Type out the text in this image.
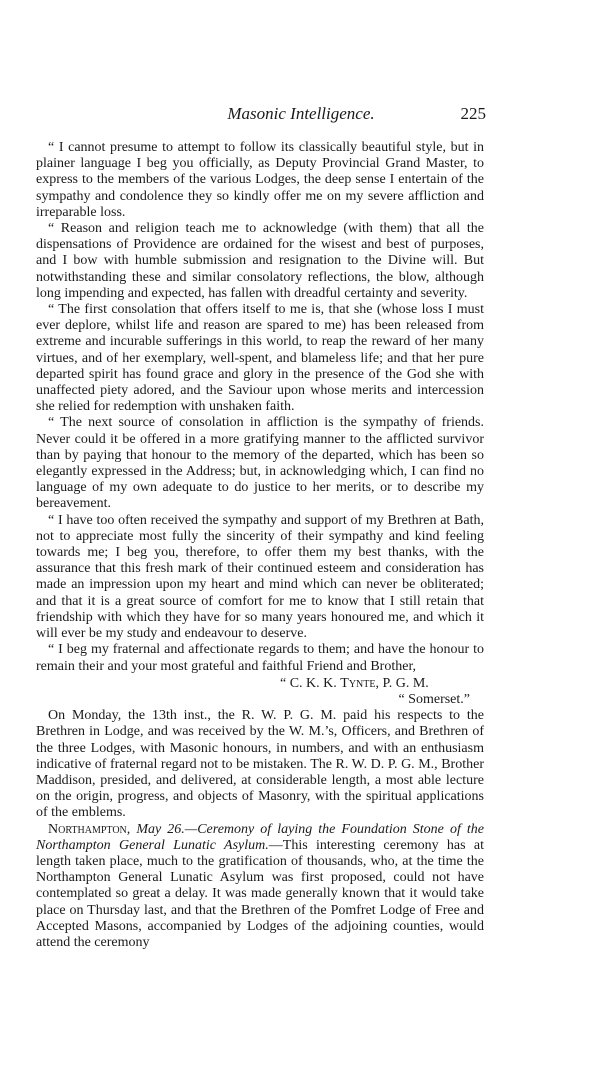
Masonic Intelligence.	225

“ I cannot presume to attempt to follow its classically beautiful style, but in plainer language I beg you officially, as Deputy Provincial Grand Master, to express to the members of the various Lodges, the deep sense I entertain of the sympathy and condolence they so kindly offer me on my severe affliction and irreparable loss.

“ Reason and religion teach me to acknowledge (with them) that all the dispensations of Providence are ordained for the wisest and best of purposes, and I bow with humble submission and resignation to the Divine will. But notwithstanding these and similar consolatory reflections, the blow, although long impending and expected, has fallen with dreadful certainty and severity.

“ The first consolation that offers itself to me is, that she (whose loss I must ever deplore, whilst life and reason are spared to me) has been released from extreme and incurable sufferings in this world, to reap the reward of her many virtues, and of her exemplary, well-spent, and blameless life; and that her pure departed spirit has found grace and glory in the presence of the God she with unaffected piety adored, and the Saviour upon whose merits and intercession she relied for redemption with unshaken faith.

“ The next source of consolation in affliction is the sympathy of friends. Never could it be offered in a more gratifying manner to the afflicted survivor than by paying that honour to the memory of the departed, which has been so elegantly expressed in the Address; but, in acknowledging which, I can find no language of my own adequate to do justice to her merits, or to describe my bereavement.

“ I have too often received the sympathy and support of my Brethren at Bath, not to appreciate most fully the sincerity of their sympathy and kind feeling towards me; I beg you, therefore, to offer them my best thanks, with the assurance that this fresh mark of their continued esteem and consideration has made an impression upon my heart and mind which can never be obliterated; and that it is a great source of comfort for me to know that I still retain that friendship with which they have for so many years honoured me, and which it will ever be my study and endeavour to deserve.

“ I beg my fraternal and affectionate regards to them; and have the honour to remain their and your most grateful and faithful Friend and Brother,

“ C. K. K. Tynte, P. G. M.
“ Somerset.”

On Monday, the 13th inst., the R. W. P. G. M. paid his respects to the Brethren in Lodge, and was received by the W. M.’s, Officers, and Brethren of the three Lodges, with Masonic honours, in numbers, and with an enthusiasm indicative of fraternal regard not to be mistaken. The R. W. D. P. G. M., Brother Maddison, presided, and delivered, at considerable length, a most able lecture on the origin, progress, and objects of Masonry, with the spiritual applications of the emblems.

Northampton, May 26.—Ceremony of laying the Foundation Stone of the Northampton General Lunatic Asylum.—This interesting ceremony has at length taken place, much to the gratification of thousands, who, at the time the Northampton General Lunatic Asylum was first proposed, could not have contemplated so great a delay. It was made generally known that it would take place on Thursday last, and that the Brethren of the Pomfret Lodge of Free and Accepted Masons, accompanied by Lodges of the adjoining counties, would attend the ceremony
